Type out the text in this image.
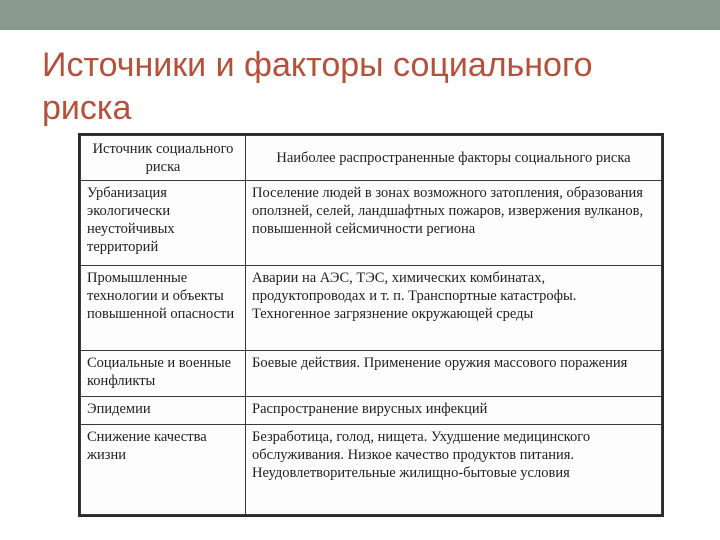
Источники и факторы социального риска
Источник социального риска	Наиболее распространенные факторы социального риска
Урбанизация экологически неустойчивых территорий	Поселение людей в зонах возможного затопления, образования оползней, селей, ландшафтных пожаров, извержения вулканов, повышенной сейсмичности региона
Промышленные технологии и объекты повышенной опасности	Аварии на АЭС, ТЭС, химических комбинатах, продуктопроводах и т. п. Транспортные катастрофы. Техногенное загрязнение окружающей среды
Социальные и военные конфликты	Боевые действия. Применение оружия массового поражения
Эпидемии	Распространение вирусных инфекций
Снижение качества жизни	Безработица, голод, нищета. Ухудшение медицинского обслуживания. Низкое качество продуктов питания. Неудовлетворительные жилищно-бытовые условия
